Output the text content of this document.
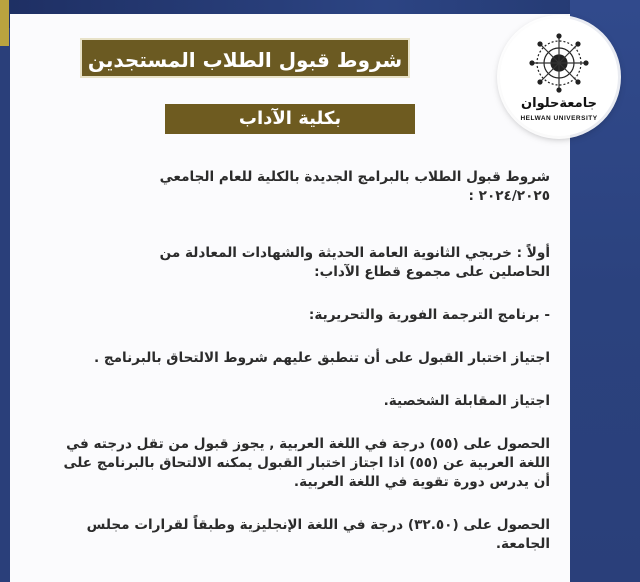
جامعةحلوان
HELWAN UNIVERSITY
شروط قبول الطلاب المستجدين
بكلية الآداب

شروط قبول الطلاب بالبرامج الجديدة بالكلية للعام الجامعي

٢٠٢٤/٢٠٢٥ :

أولاً : خريجي الثانوية العامة الحديثة والشهادات المعادلة من

الحاصلين على مجموع قطاع الآداب:

- برنامج الترجمة الفورية والتحريرية:

اجتياز اختبار القبول على أن تنطبق عليهم شروط الالتحاق بالبرنامج .

اجتياز المقابلة الشخصية.

الحصول على (٥٥) درجة في اللغة العربية , يجوز قبول من تقل درجته في

اللغة العربية عن (٥٥) اذا اجتاز اختبار القبول يمكنه الالتحاق بالبرنامج على

أن يدرس دورة تقوية في اللغة العربية.

الحصول على (٣٢.٥٠) درجة في اللغة الإنجليزية وطبقاً لقرارات مجلس

الجامعة.
